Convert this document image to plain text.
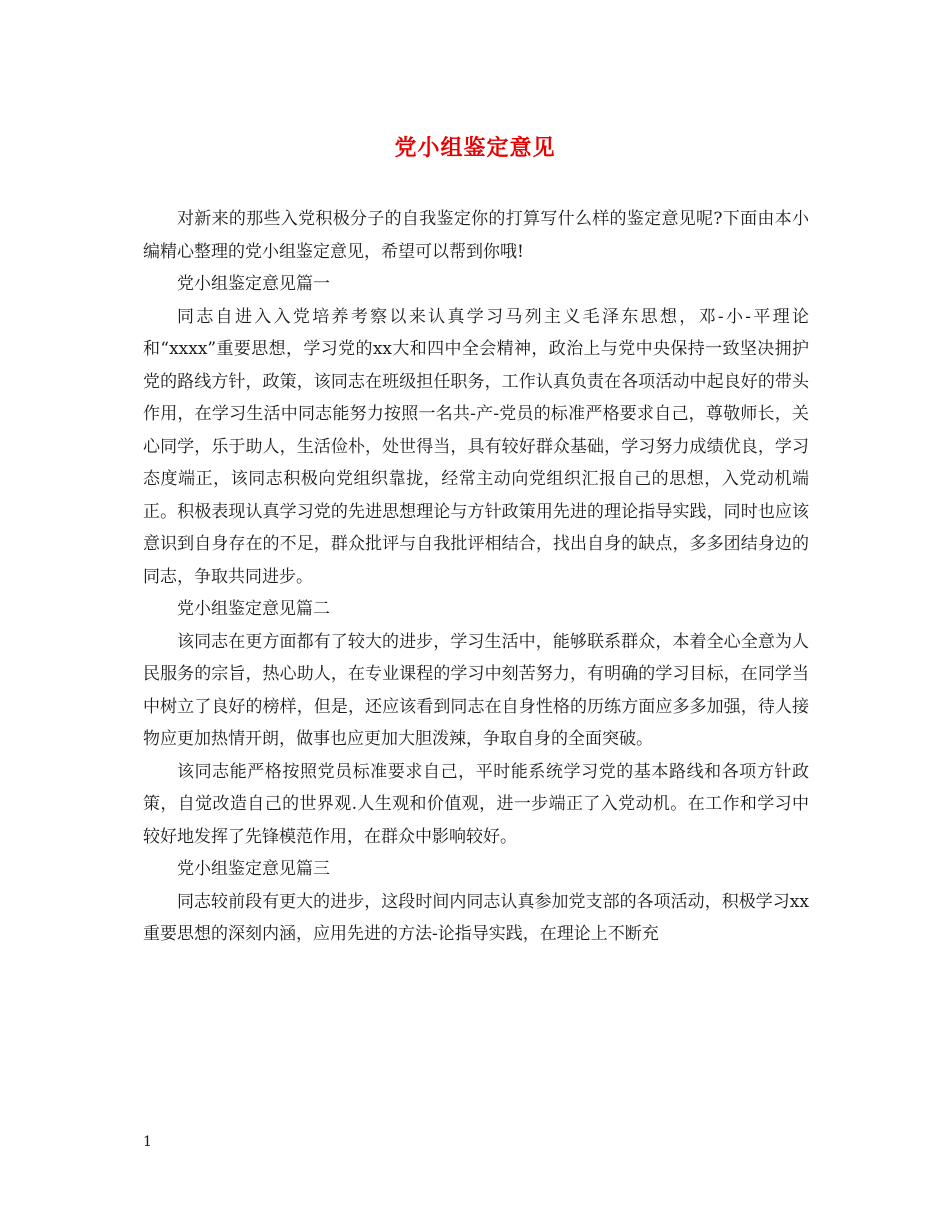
党小组鉴定意见

对新来的那些入党积极分子的自我鉴定你的打算写什么样的鉴定意见呢?下面由本小编精心整理的党小组鉴定意见，希望可以帮到你哦!

党小组鉴定意见篇一

同志自进入入党培养考察以来认真学习马列主义毛泽东思想，邓-小-平理论和“xxxx”重要思想，学习党的xx大和四中全会精神，政治上与党中央保持一致坚决拥护党的路线方针，政策，该同志在班级担任职务，工作认真负责在各项活动中起良好的带头作用，在学习生活中同志能努力按照一名共-产-党员的标准严格要求自己，尊敬师长，关心同学，乐于助人，生活俭朴，处世得当，具有较好群众基础，学习努力成绩优良，学习态度端正，该同志积极向党组织靠拢，经常主动向党组织汇报自己的思想，入党动机端正。积极表现认真学习党的先进思想理论与方针政策用先进的理论指导实践，同时也应该意识到自身存在的不足，群众批评与自我批评相结合，找出自身的缺点，多多团结身边的同志，争取共同进步。

党小组鉴定意见篇二

该同志在更方面都有了较大的进步，学习生活中，能够联系群众，本着全心全意为人民服务的宗旨，热心助人，在专业课程的学习中刻苦努力，有明确的学习目标，在同学当中树立了良好的榜样，但是，还应该看到同志在自身性格的历练方面应多多加强，待人接物应更加热情开朗，做事也应更加大胆泼辣，争取自身的全面突破。

该同志能严格按照党员标准要求自己，平时能系统学习党的基本路线和各项方针政策，自觉改造自己的世界观.人生观和价值观，进一步端正了入党动机。在工作和学习中较好地发挥了先锋模范作用，在群众中影响较好。

党小组鉴定意见篇三

同志较前段有更大的进步，这段时间内同志认真参加党支部的各项活动，积极学习xx重要思想的深刻内涵，应用先进的方法-论指导实践，在理论上不断充

1
